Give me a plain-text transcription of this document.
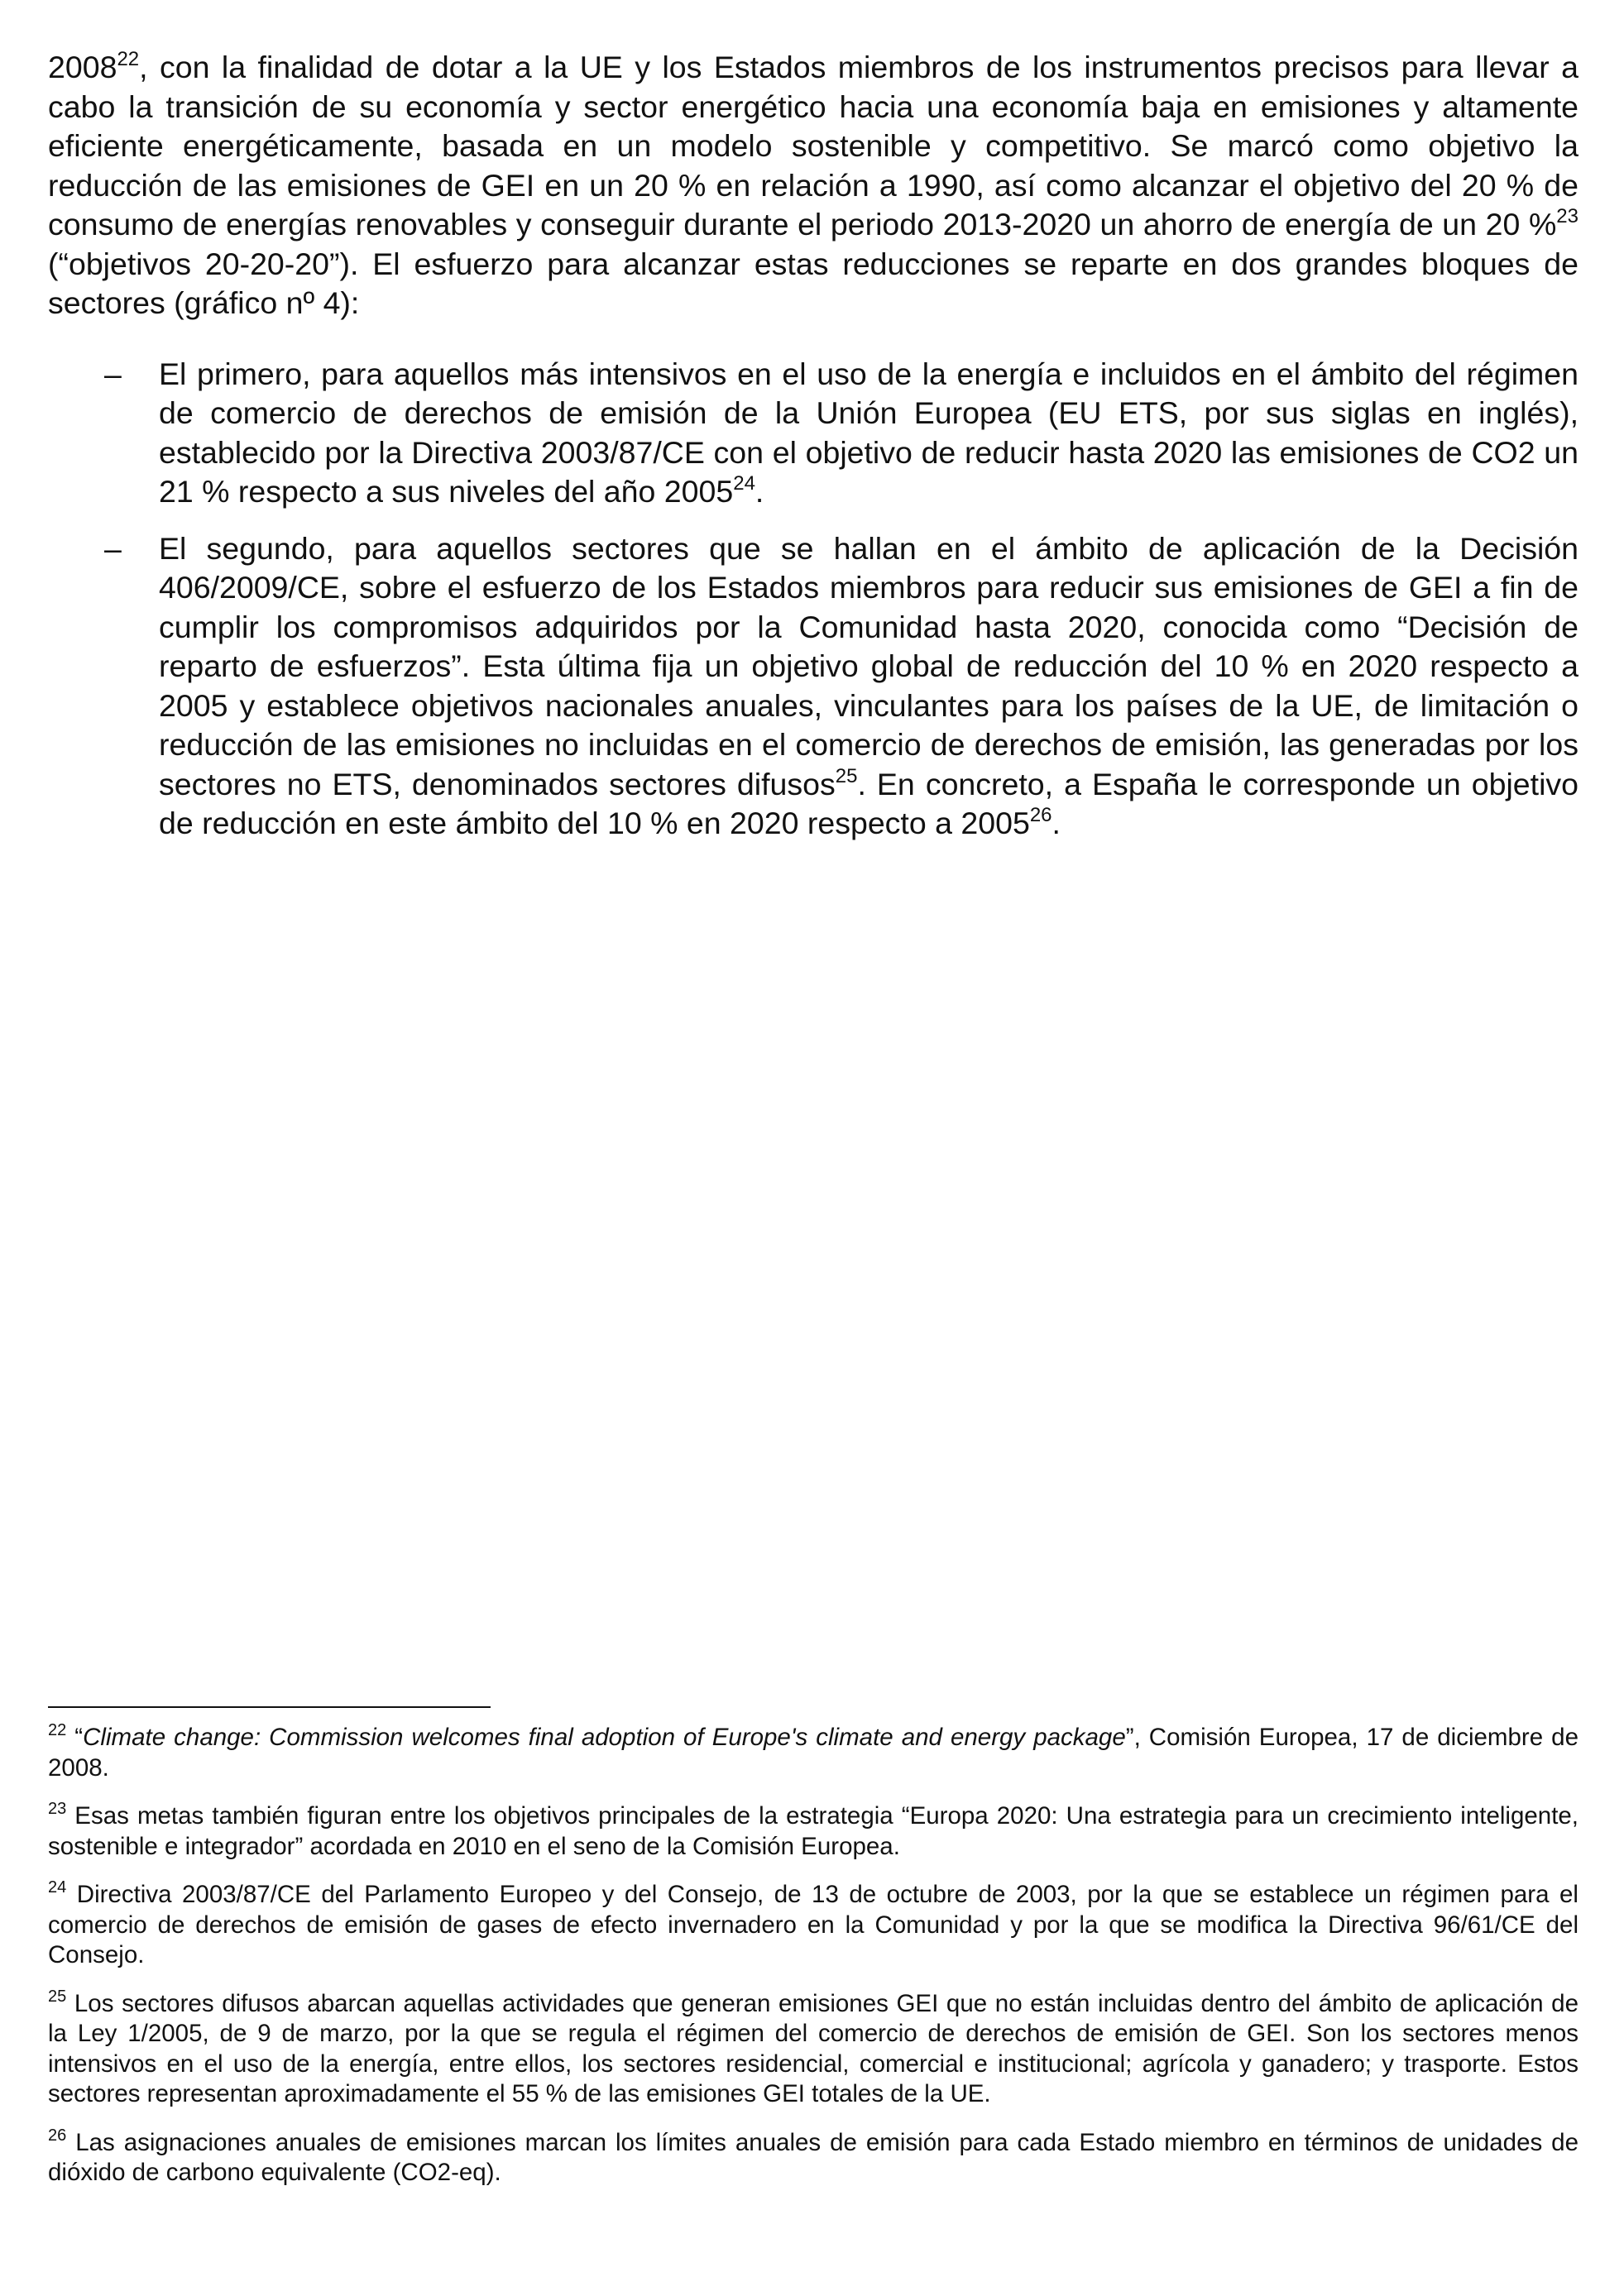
2008$^{22}$, con la finalidad de dotar a la UE y los Estados miembros de los instrumentos precisos para llevar a cabo la transición de su economía y sector energético hacia una economía baja en emisiones y altamente eficiente energéticamente, basada en un modelo sostenible y competitivo. Se marcó como objetivo la reducción de las emisiones de GEI en un 20 % en relación a 1990, así como alcanzar el objetivo del 20 % de consumo de energías renovables y conseguir durante el periodo 2013-2020 un ahorro de energía de un 20 %$^{23}$ (“objetivos 20-20-20”). El esfuerzo para alcanzar estas reducciones se reparte en dos grandes bloques de sectores (gráfico nº 4):

– El primero, para aquellos más intensivos en el uso de la energía e incluidos en el ámbito del régimen de comercio de derechos de emisión de la Unión Europea (EU ETS, por sus siglas en inglés), establecido por la Directiva 2003/87/CE con el objetivo de reducir hasta 2020 las emisiones de CO2 un 21 % respecto a sus niveles del año 2005$^{24}$.

– El segundo, para aquellos sectores que se hallan en el ámbito de aplicación de la Decisión 406/2009/CE, sobre el esfuerzo de los Estados miembros para reducir sus emisiones de GEI a fin de cumplir los compromisos adquiridos por la Comunidad hasta 2020, conocida como “Decisión de reparto de esfuerzos”. Esta última fija un objetivo global de reducción del 10 % en 2020 respecto a 2005 y establece objetivos nacionales anuales, vinculantes para los países de la UE, de limitación o reducción de las emisiones no incluidas en el comercio de derechos de emisión, las generadas por los sectores no ETS, denominados sectores difusos$^{25}$. En concreto, a España le corresponde un objetivo de reducción en este ámbito del 10 % en 2020 respecto a 2005$^{26}$.

$^{22}$ “Climate change: Commission welcomes final adoption of Europe's climate and energy package”, Comisión Europea, 17 de diciembre de 2008.

$^{23}$ Esas metas también figuran entre los objetivos principales de la estrategia “Europa 2020: Una estrategia para un crecimiento inteligente, sostenible e integrador” acordada en 2010 en el seno de la Comisión Europea.

$^{24}$ Directiva 2003/87/CE del Parlamento Europeo y del Consejo, de 13 de octubre de 2003, por la que se establece un régimen para el comercio de derechos de emisión de gases de efecto invernadero en la Comunidad y por la que se modifica la Directiva 96/61/CE del Consejo.

$^{25}$ Los sectores difusos abarcan aquellas actividades que generan emisiones GEI que no están incluidas dentro del ámbito de aplicación de la Ley 1/2005, de 9 de marzo, por la que se regula el régimen del comercio de derechos de emisión de GEI. Son los sectores menos intensivos en el uso de la energía, entre ellos, los sectores residencial, comercial e institucional; agrícola y ganadero; y trasporte. Estos sectores representan aproximadamente el 55 % de las emisiones GEI totales de la UE.

$^{26}$ Las asignaciones anuales de emisiones marcan los límites anuales de emisión para cada Estado miembro en términos de unidades de dióxido de carbono equivalente (CO2-eq).
